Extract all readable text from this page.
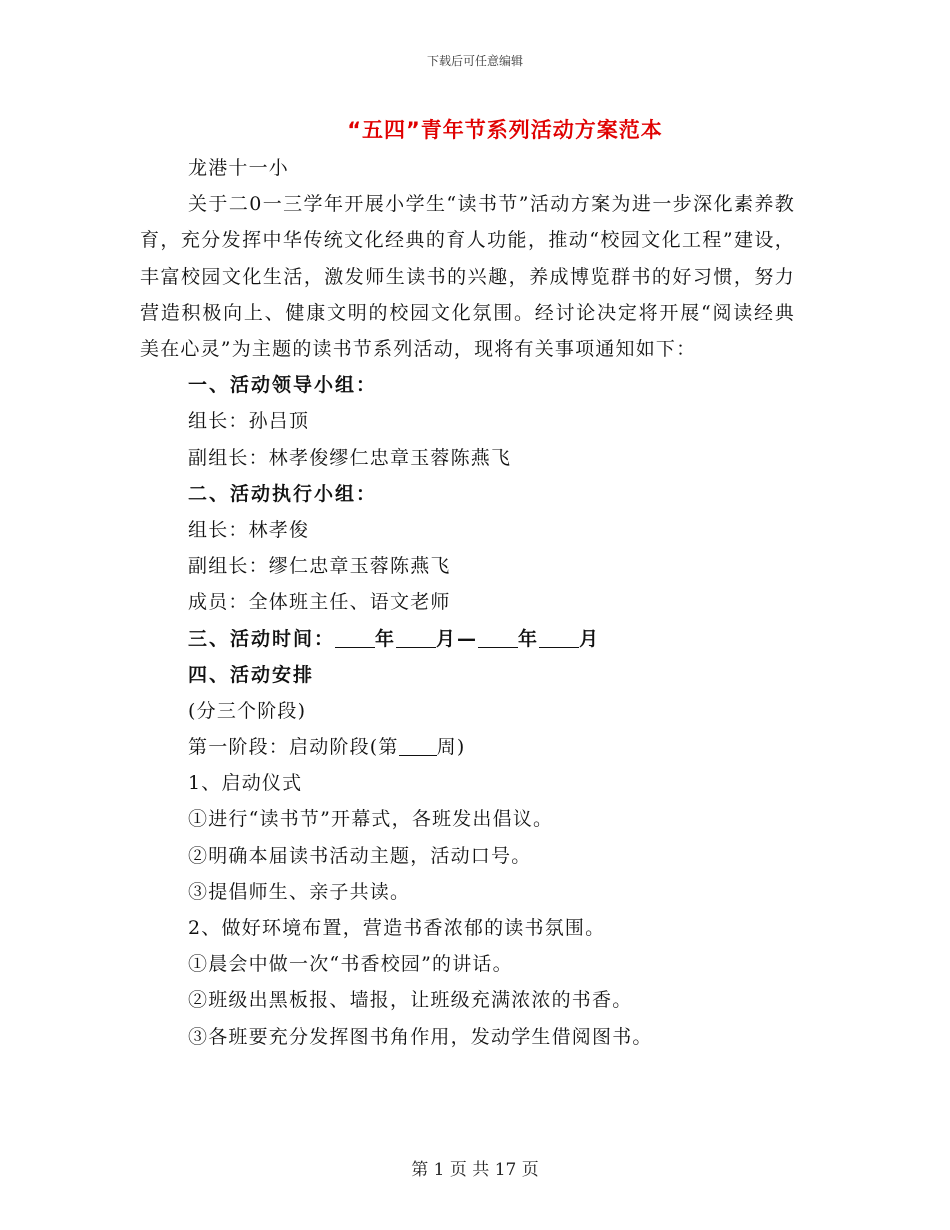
下载后可任意编辑
“五四”青年节系列活动方案范本
龙港十一小
关于二0一三学年开展小学生“读书节”活动方案为进一步深化素养教育，充分发挥中华传统文化经典的育人功能，推动“校园文化工程”建设，丰富校园文化生活，激发师生读书的兴趣，养成博览群书的好习惯，努力营造积极向上、健康文明的校园文化氛围。经讨论决定将开展“阅读经典美在心灵”为主题的读书节系列活动，现将有关事项通知如下：
一、活动领导小组：
组长：孙吕顶
副组长：林孝俊缪仁忠章玉蓉陈燕飞
二、活动执行小组：
组长：林孝俊
副组长：缪仁忠章玉蓉陈燕飞
成员：全体班主任、语文老师
三、活动时间： 年 月— 年 月
四、活动安排
(分三个阶段)
第一阶段：启动阶段(第 周)
1、启动仪式
①进行“读书节”开幕式，各班发出倡议。
②明确本届读书活动主题，活动口号。
③提倡师生、亲子共读。
2、做好环境布置，营造书香浓郁的读书氛围。
①晨会中做一次“书香校园”的讲话。
②班级出黑板报、墙报，让班级充满浓浓的书香。
③各班要充分发挥图书角作用，发动学生借阅图书。
第 1 页 共 17 页
